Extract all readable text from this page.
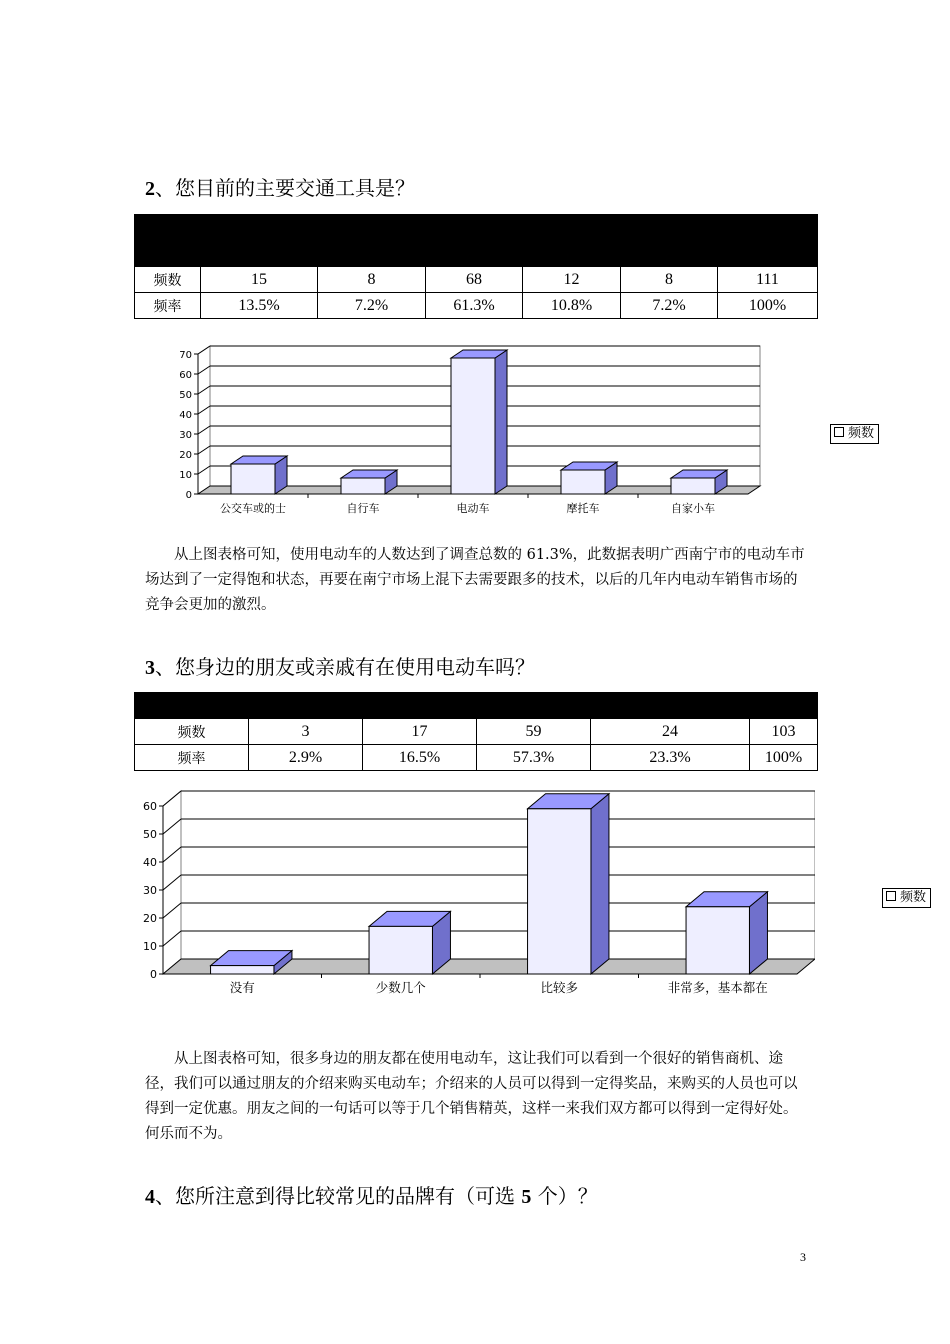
2、您目前的主要交通工具是？

频数	15	8	68	12	8	111
频率	13.5%	7.2%	61.3%	10.8%	7.2%	100%
0
10
20
30
40
50
60
70
公交车或的士	自行车	电动车	摩托车	自家小车
频数
从上图表格可知，使用电动车的人数达到了调查总数的 61.3%，此数据表明广西南宁市的电动车市场达到了一定得饱和状态，再要在南宁市场上混下去需要跟多的技术，以后的几年内电动车销售市场的竞争会更加的激烈。
3、您身边的朋友或亲戚有在使用电动车吗？

频数	3	17	59	24	103
频率	2.9%	16.5%	57.3%	23.3%	100%
0
10
20
30
40
50
60
没有	少数几个	比较多	非常多，基本都在
频数
从上图表格可知，很多身边的朋友都在使用电动车，这让我们可以看到一个很好的销售商机、途径，我们可以通过朋友的介绍来购买电动车；介绍来的人员可以得到一定得奖品，来购买的人员也可以得到一定优惠。朋友之间的一句话可以等于几个销售精英，这样一来我们双方都可以得到一定得好处。何乐而不为。
4、您所注意到得比较常见的品牌有（可选 5 个）？
3
